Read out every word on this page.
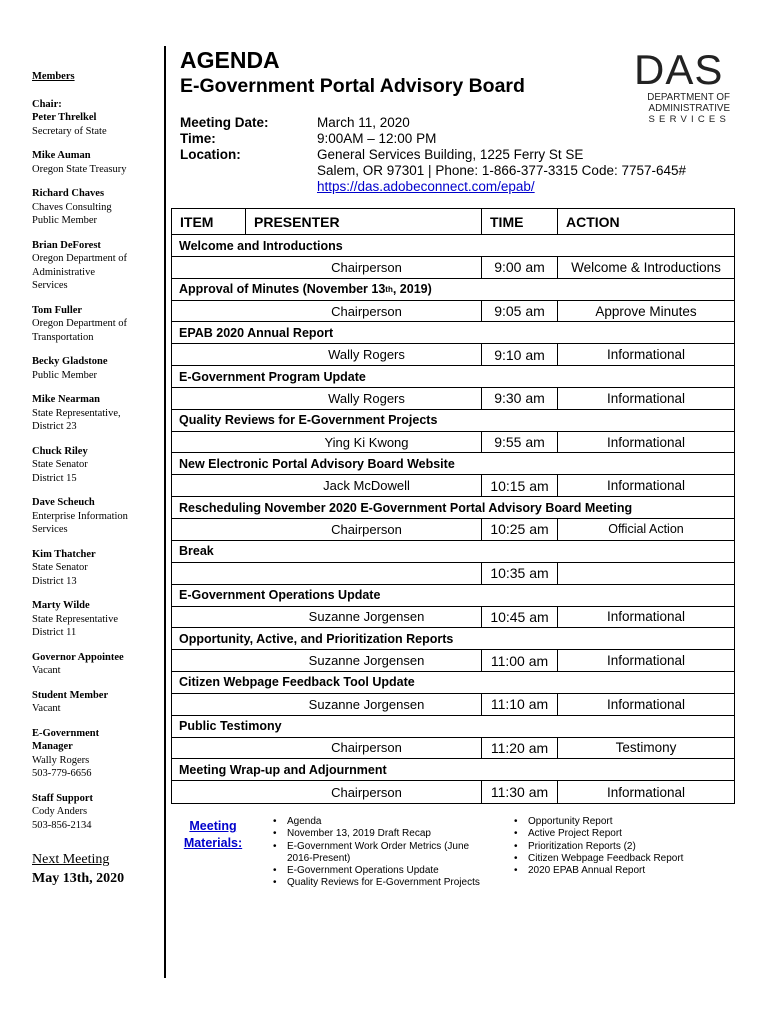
Members
Chair:
Peter Threlkel
Secretary of State
Mike Auman
Oregon State Treasury
Richard Chaves
Chaves Consulting
Public Member
Brian DeForest
Oregon Department of
Administrative
Services
Tom Fuller
Oregon Department of
Transportation
Becky Gladstone
Public Member
Mike Nearman
State Representative,
District 23
Chuck Riley
State Senator
District 15
Dave Scheuch
Enterprise Information
Services
Kim Thatcher
State Senator
District 13
Marty Wilde
State Representative
District 11
Governor Appointee
Vacant
Student Member
Vacant
E-Government
Manager
Wally Rogers
503-779-6656
Staff Support
Cody Anders
503-856-2134
Next Meeting
May 13th, 2020
AGENDA
E-Government Portal Advisory Board	DAS
DEPARTMENT OF
ADMINISTRATIVE
SERVICES
Meeting Date:	March 11, 2020
Time:	9:00AM – 12:00 PM
Location:	General Services Building, 1225 Ferry St SE
Salem, OR 97301 | Phone: 1-866-377-3315 Code: 7757-645#
https://das.adobeconnect.com/epab/
ITEM	PRESENTER	TIME	ACTION
Welcome and Introductions
Chairperson	9:00 am	Welcome & Introductions
Approval of Minutes (November 13 th , 2019)
Chairperson	9:05 am	Approve Minutes
EPAB 2020 Annual Report
Wally Rogers	9:10 am	Informational
E-Government Program Update
Wally Rogers	9:30 am	Informational
Quality Reviews for E-Government Projects
Ying Ki Kwong	9:55 am	Informational
New Electronic Portal Advisory Board Website
Jack McDowell	10:15 am	Informational
Rescheduling November 2020 E-Government Portal Advisory Board Meeting
Chairperson	10:25 am	Official Action
Break
10:35 am
E-Government Operations Update
Suzanne Jorgensen	10:45 am	Informational
Opportunity, Active, and Prioritization Reports
Suzanne Jorgensen	11:00 am	Informational
Citizen Webpage Feedback Tool Update
Suzanne Jorgensen	11:10 am	Informational
Public Testimony
Chairperson	11:20 am	Testimony
Meeting Wrap-up and Adjournment
Chairperson	11:30 am	Informational
Meeting
Materials:
• Agenda
• November 13, 2019 Draft Recap
• E-Government Work Order Metrics (June
2016-Present)
• E-Government Operations Update
• Quality Reviews for E-Government Projects
• Opportunity Report
• Active Project Report
• Prioritization Reports (2)
• Citizen Webpage Feedback Report
• 2020 EPAB Annual Report
